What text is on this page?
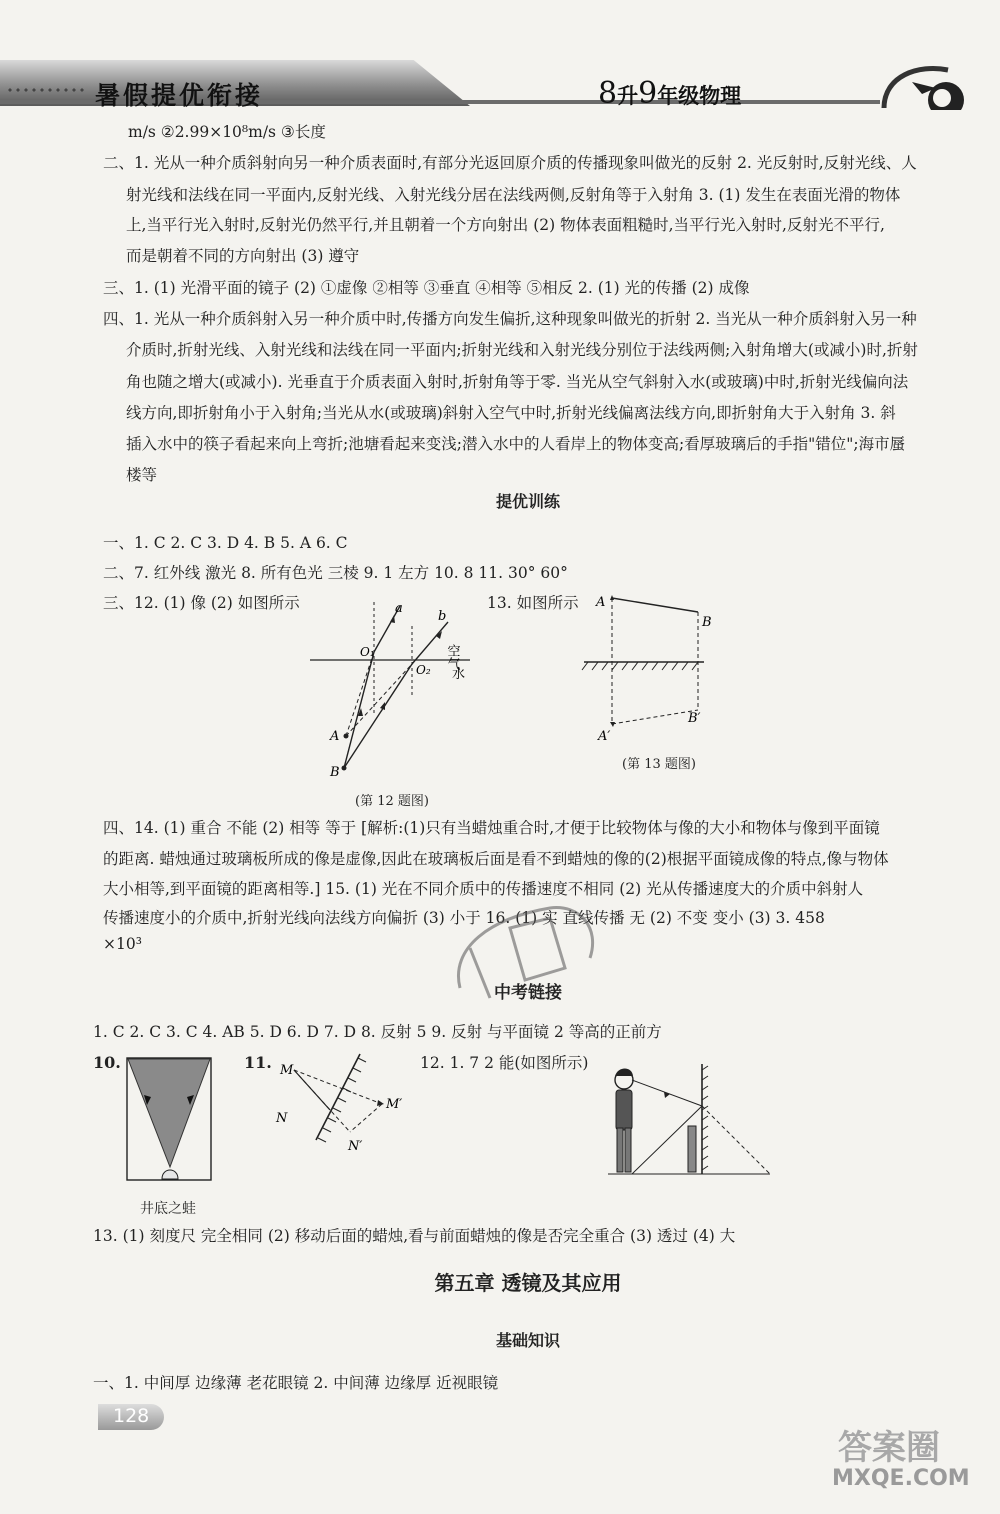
暑假提优衔接	8升9年级物理
m/s ②2.99×10⁸m/s ③长度
二、1. 光从一种介质斜射向另一种介质表面时,有部分光返回原介质的传播现象叫做光的反射 2. 光反射时,反射光线、人
射光线和法线在同一平面内,反射光线、入射光线分居在法线两侧,反射角等于入射角 3. (1) 发生在表面光滑的物体
上,当平行光入射时,反射光仍然平行,并且朝着一个方向射出 (2) 物体表面粗糙时,当平行光入射时,反射光不平行,
而是朝着不同的方向射出 (3) 遵守
三、1. (1) 光滑平面的镜子 (2) ①虚像 ②相等 ③垂直 ④相等 ⑤相反 2. (1) 光的传播 (2) 成像
四、1. 光从一种介质斜射入另一种介质中时,传播方向发生偏折,这种现象叫做光的折射 2. 当光从一种介质斜射入另一种
介质时,折射光线、入射光线和法线在同一平面内;折射光线和入射光线分别位于法线两侧;入射角增大(或减小)时,折射
角也随之增大(或减小). 光垂直于介质表面入射时,折射角等于零. 当光从空气斜射入水(或玻璃)中时,折射光线偏向法
线方向,即折射角小于入射角;当光从水(或玻璃)斜射入空气中时,折射光线偏离法线方向,即折射角大于入射角 3. 斜
插入水中的筷子看起来向上弯折;池塘看起来变浅;潜入水中的人看岸上的物体变高;看厚玻璃后的手指"错位";海市蜃
楼等
提优训练
一、1. C 2. C 3. D 4. B 5. A 6. C
二、7. 红外线 激光 8. 所有色光 三棱 9. 1 左方 10. 8 11. 30° 60°
三、12. (1) 像 (2) 如图所示	13. 如图所示
a
b
O₁
O₂ 空气
水
A
B
(第 12 题图)
A
B
A′
B′
(第 13 题图)
四、14. (1) 重合 不能 (2) 相等 等于 [解析:(1)只有当蜡烛重合时,才便于比较物体与像的大小和物体与像到平面镜
的距离. 蜡烛通过玻璃板所成的像是虚像,因此在玻璃板后面是看不到蜡烛的像的(2)根据平面镜成像的特点,像与物体
大小相等,到平面镜的距离相等.] 15. (1) 光在不同介质中的传播速度不相同 (2) 光从传播速度大的介质中斜射人
传播速度小的介质中,折射光线向法线方向偏折 (3) 小于 16. (1) 实 直线传播 无 (2) 不变 变小 (3) 3. 458
×10³
中考链接
1. C 2. C 3. C 4. AB 5. D 6. D 7. D 8. 反射 5 9. 反射 与平面镜 2 等高的正前方
10.
井底之蛙
11. M
N
M′
N′
12. 1. 7 2 能(如图所示)
13. (1) 刻度尺 完全相同 (2) 移动后面的蜡烛,看与前面蜡烛的像是否完全重合 (3) 透过 (4) 大
第五章 透镜及其应用
基础知识
一、1. 中间厚 边缘薄 老花眼镜 2. 中间薄 边缘厚 近视眼镜
128
答案圈
MXQE.COM
